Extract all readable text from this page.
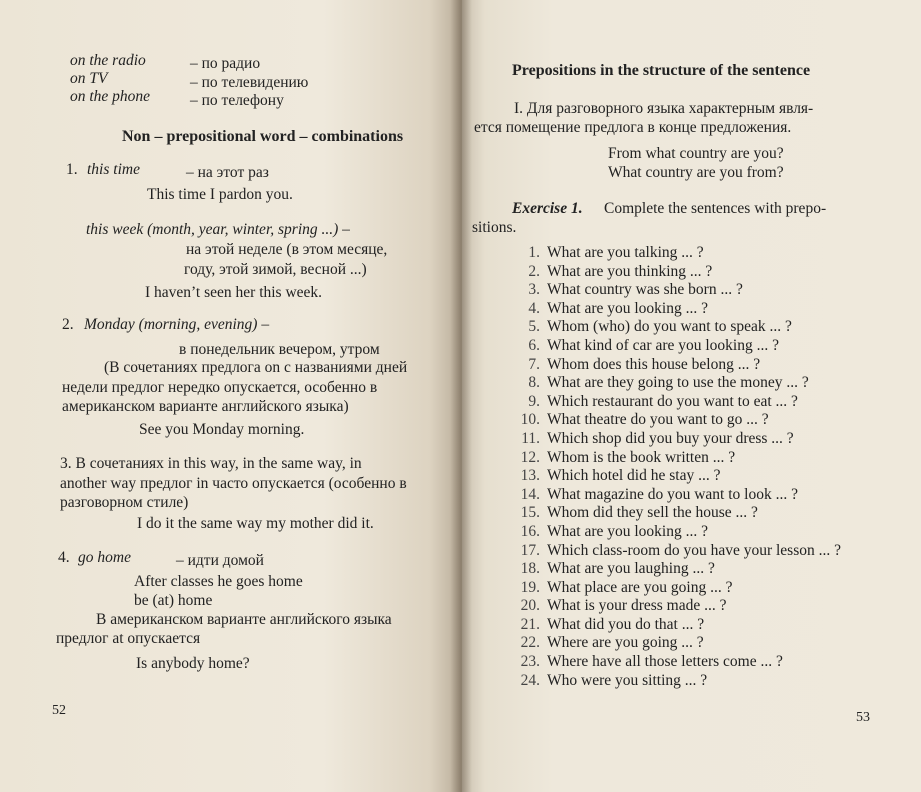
on the radio	– по радио
on TV	– по телевидению
on the phone	– по телефону
Non – prepositional word – combinations
1. this time	– на этот раз
This time I pardon you.
this week (month, year, winter, spring ...) –
на этой неделе (в этом месяце,
году, этой зимой, весной ...)
I haven’t seen her this week.
2. Monday (morning, evening) –
в понедельник вечером, утром
(В сочетаниях предлога on с названиями дней
недели предлог нередко опускается, особенно в
американском варианте английского языка)
See you Monday morning.
3. В сочетаниях in this way, in the same way, in
another way предлог in часто опускается (особенно в
разговорном стиле)
I do it the same way my mother did it.
4. go home	– идти домой
After classes he goes home
be (at) home
В американском варианте английского языка
предлог at опускается
Is anybody home?
52
Prepositions in the structure of the sentence
I. Для разговорного языка характерным явля-
ется помещение предлога в конце предложения.
From what country are you?
What country are you from?
Exercise 1. Complete the sentences with prepo-
sitions.
1. What are you talking ... ?
2. What are you thinking ... ?
3. What country was she born ... ?
4. What are you looking ... ?
5. Whom (who) do you want to speak ... ?
6. What kind of car are you looking ... ?
7. Whom does this house belong ... ?
8. What are they going to use the money ... ?
9. Which restaurant do you want to eat ... ?
10. What theatre do you want to go ... ?
11. Which shop did you buy your dress ... ?
12. Whom is the book written ... ?
13. Which hotel did he stay ... ?
14. What magazine do you want to look ... ?
15. Whom did they sell the house ... ?
16. What are you looking ... ?
17. Which class-room do you have your lesson ... ?
18. What are you laughing ... ?
19. What place are you going ... ?
20. What is your dress made ... ?
21. What did you do that ... ?
22. Where are you going ... ?
23. Where have all those letters come ... ?
24. Who were you sitting ... ?
53
